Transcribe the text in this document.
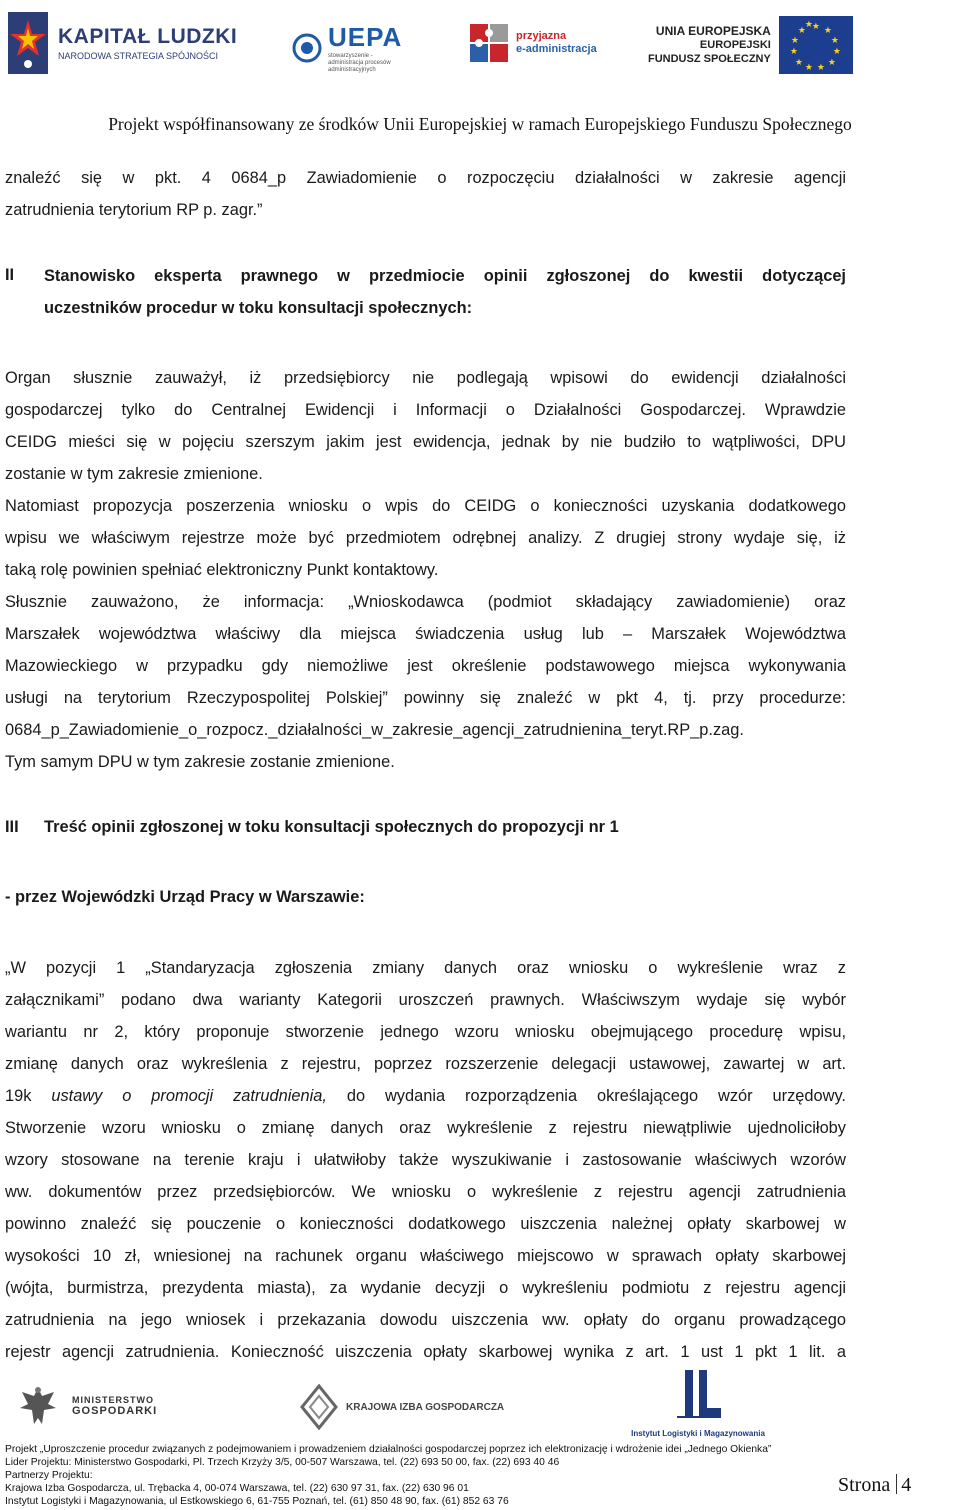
KAPITAŁ LUDZKI
NARODOWA STRATEGIA SPÓJNOŚCI
UEPA
stowarzyszenie - administracja procesów administracyjnych
przyjazna
e-administracja
UNIA EUROPEJSKA
EUROPEJSKI
FUNDUSZ SPOŁECZNY
★ ★
★
★
★
★
★
★
★
★
★
★
Projekt współfinansowany ze środków Unii Europejskiej w ramach Europejskiego Funduszu Społecznego
znaleźć się w pkt. 4 0684_p Zawiadomienie o rozpoczęciu działalności w zakresie agencji
zatrudnienia terytorium RP p. zagr.”
II Stanowisko eksperta prawnego w przedmiocie opinii zgłoszonej do kwestii dotyczącej
uczestników procedur w toku konsultacji społecznych:
Organ słusznie zauważył, iż przedsiębiorcy nie podlegają wpisowi do ewidencji działalności
gospodarczej tylko do Centralnej Ewidencji i Informacji o Działalności Gospodarczej. Wprawdzie
CEIDG mieści się w pojęciu szerszym jakim jest ewidencja, jednak by nie budziło to wątpliwości, DPU
zostanie w tym zakresie zmienione.
Natomiast propozycja poszerzenia wniosku o wpis do CEIDG o konieczności uzyskania dodatkowego
wpisu we właściwym rejestrze może być przedmiotem odrębnej analizy. Z drugiej strony wydaje się, iż
taką rolę powinien spełniać elektroniczny Punkt kontaktowy.
Słusznie zauważono, że informacja: „Wnioskodawca (podmiot składający zawiadomienie) oraz
Marszałek województwa właściwy dla miejsca świadczenia usług lub – Marszałek Województwa
Mazowieckiego w przypadku gdy niemożliwe jest określenie podstawowego miejsca wykonywania
usługi na terytorium Rzeczypospolitej Polskiej” powinny się znaleźć w pkt 4, tj. przy procedurze:
0684_p_Zawiadomienie_o_rozpocz._działalności_w_zakresie_agencji_zatrudnienina_teryt.RP_p.zag.
Tym samym DPU w tym zakresie zostanie zmienione.
III Treść opinii zgłoszonej w toku konsultacji społecznych do propozycji nr 1
- przez Wojewódzki Urząd Pracy w Warszawie:
„W pozycji 1 „Standaryzacja zgłoszenia zmiany danych oraz wniosku o wykreślenie wraz z
załącznikami” podano dwa warianty Kategorii uroszczeń prawnych. Właściwszym wydaje się wybór
wariantu nr 2, który proponuje stworzenie jednego wzoru wniosku obejmującego procedurę wpisu,
zmianę danych oraz wykreślenia z rejestru, poprzez rozszerzenie delegacji ustawowej, zawartej w art.
19k ustawy o promocji zatrudnienia, do wydania rozporządzenia określającego wzór urzędowy.
Stworzenie wzoru wniosku o zmianę danych oraz wykreślenie z rejestru niewątpliwie ujednoliciłoby
wzory stosowane na terenie kraju i ułatwiłoby także wyszukiwanie i zastosowanie właściwych wzorów
ww. dokumentów przez przedsiębiorców. We wniosku o wykreślenie z rejestru agencji zatrudnienia
powinno znaleźć się pouczenie o konieczności dodatkowego uiszczenia należnej opłaty skarbowej w
wysokości 10 zł, wniesionej na rachunek organu właściwego miejscowo w sprawach opłaty skarbowej
(wójta, burmistrza, prezydenta miasta), za wydanie decyzji o wykreśleniu podmiotu z rejestru agencji
zatrudnienia na jego wniosek i przekazania dowodu uiszczenia ww. opłaty do organu prowadzącego
rejestr agencji zatrudnienia. Konieczność uiszczenia opłaty skarbowej wynika z art. 1 ust 1 pkt 1 lit. a
MINISTERSTWO
GOSPODARKI	KRAJOWA IZBA GOSPODARCZA
Instytut Logistyki i Magazynowania
Projekt „Uproszczenie procedur związanych z podejmowaniem i prowadzeniem działalności gospodarczej poprzez ich elektronizację i wdrożenie idei „Jednego Okienka”
Lider Projektu: Ministerstwo Gospodarki, Pl. Trzech Krzyży 3/5, 00-507 Warszawa, tel. (22) 693 50 00, fax. (22) 693 40 46
Partnerzy Projektu:
Krajowa Izba Gospodarcza, ul. Trębacka 4, 00-074 Warszawa, tel. (22) 630 97 31, fax. (22) 630 96 01
Instytut Logistyki i Magazynowania, ul Estkowskiego 6, 61-755 Poznań, tel. (61) 850 48 90, fax. (61) 852 63 76
Strona 4
